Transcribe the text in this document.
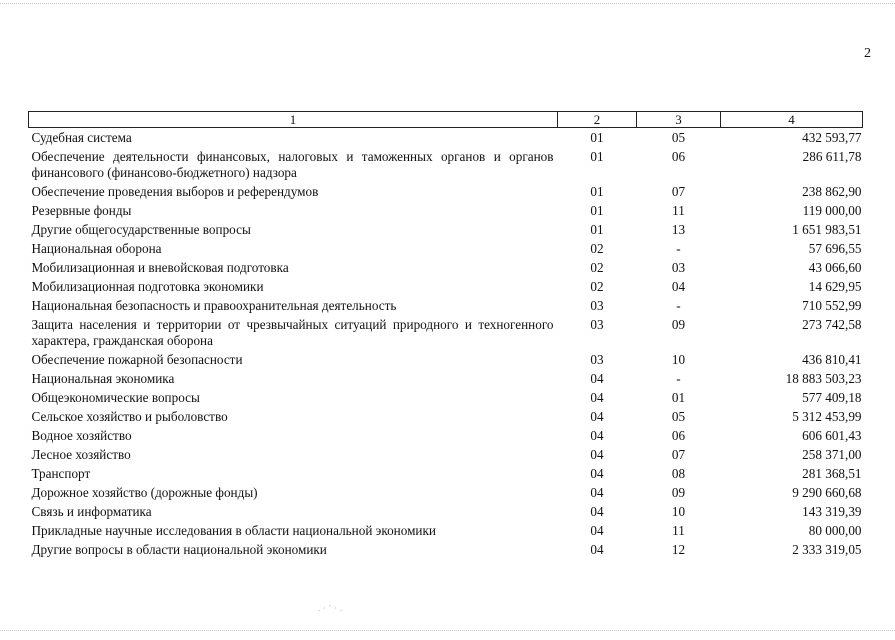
2
1	2	3	4
Судебная система	01	05	432 593,77
Обеспечение деятельности финансовых, налоговых и таможенных органов и органов финансового (финансово-бюджетного) надзора	01	06	286 611,78
Обеспечение проведения выборов и референдумов	01	07	238 862,90
Резервные фонды	01	11	119 000,00
Другие общегосударственные вопросы	01	13	1 651 983,51
Национальная оборона	02	-	57 696,55
Мобилизационная и вневойсковая подготовка	02	03	43 066,60
Мобилизационная подготовка экономики	02	04	14 629,95
Национальная безопасность и правоохранительная деятельность	03	-	710 552,99
Защита населения и территории от чрезвычайных ситуаций природного и техногенного характера, гражданская оборона	03	09	273 742,58
Обеспечение пожарной безопасности	03	10	436 810,41
Национальная экономика	04	-	18 883 503,23
Общеэкономические вопросы	04	01	577 409,18
Сельское хозяйство и рыболовство	04	05	5 312 453,99
Водное хозяйство	04	06	606 601,43
Лесное хозяйство	04	07	258 371,00
Транспорт	04	08	281 368,51
Дорожное хозяйство (дорожные фонды)	04	09	9 290 660,68
Связь и информатика	04	10	143 319,39
Прикладные научные исследования в области национальной экономики	04	11	80 000,00
Другие вопросы в области национальной экономики	04	12	2 333 319,05
.·`·.
